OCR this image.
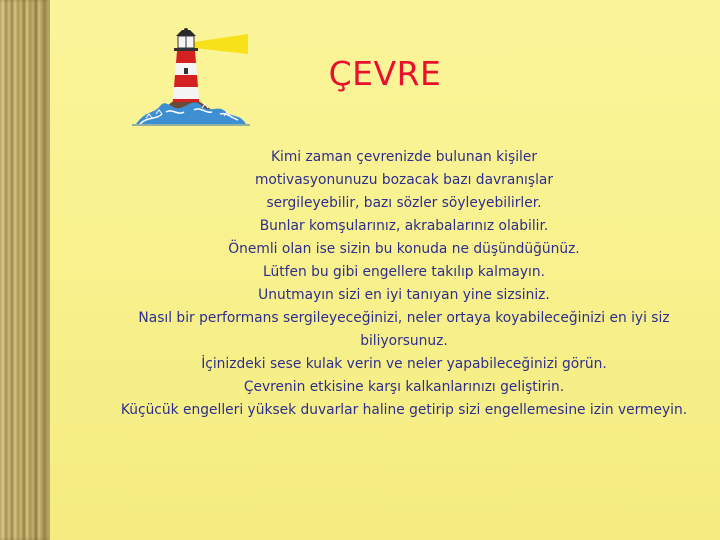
ÇEVRE
Kimi zaman çevrenizde bulunan kişiler
motivasyonunuzu bozacak bazı davranışlar
sergileyebilir, bazı sözler söyleyebilirler.
Bunlar komşularınız, akrabalarınız olabilir.
Önemli olan ise sizin bu konuda ne düşündüğünüz.
Lütfen bu gibi engellere takılıp kalmayın.
Unutmayın sizi en iyi tanıyan yine sizsiniz.
Nasıl bir performans sergileyeceğinizi, neler ortaya koyabileceğinizi en iyi siz biliyorsunuz.
İçinizdeki sese kulak verin ve neler yapabileceğinizi görün.
Çevrenin etkisine karşı kalkanlarınızı geliştirin.
Küçücük engelleri yüksek duvarlar haline getirip sizi engellemesine izin vermeyin.
